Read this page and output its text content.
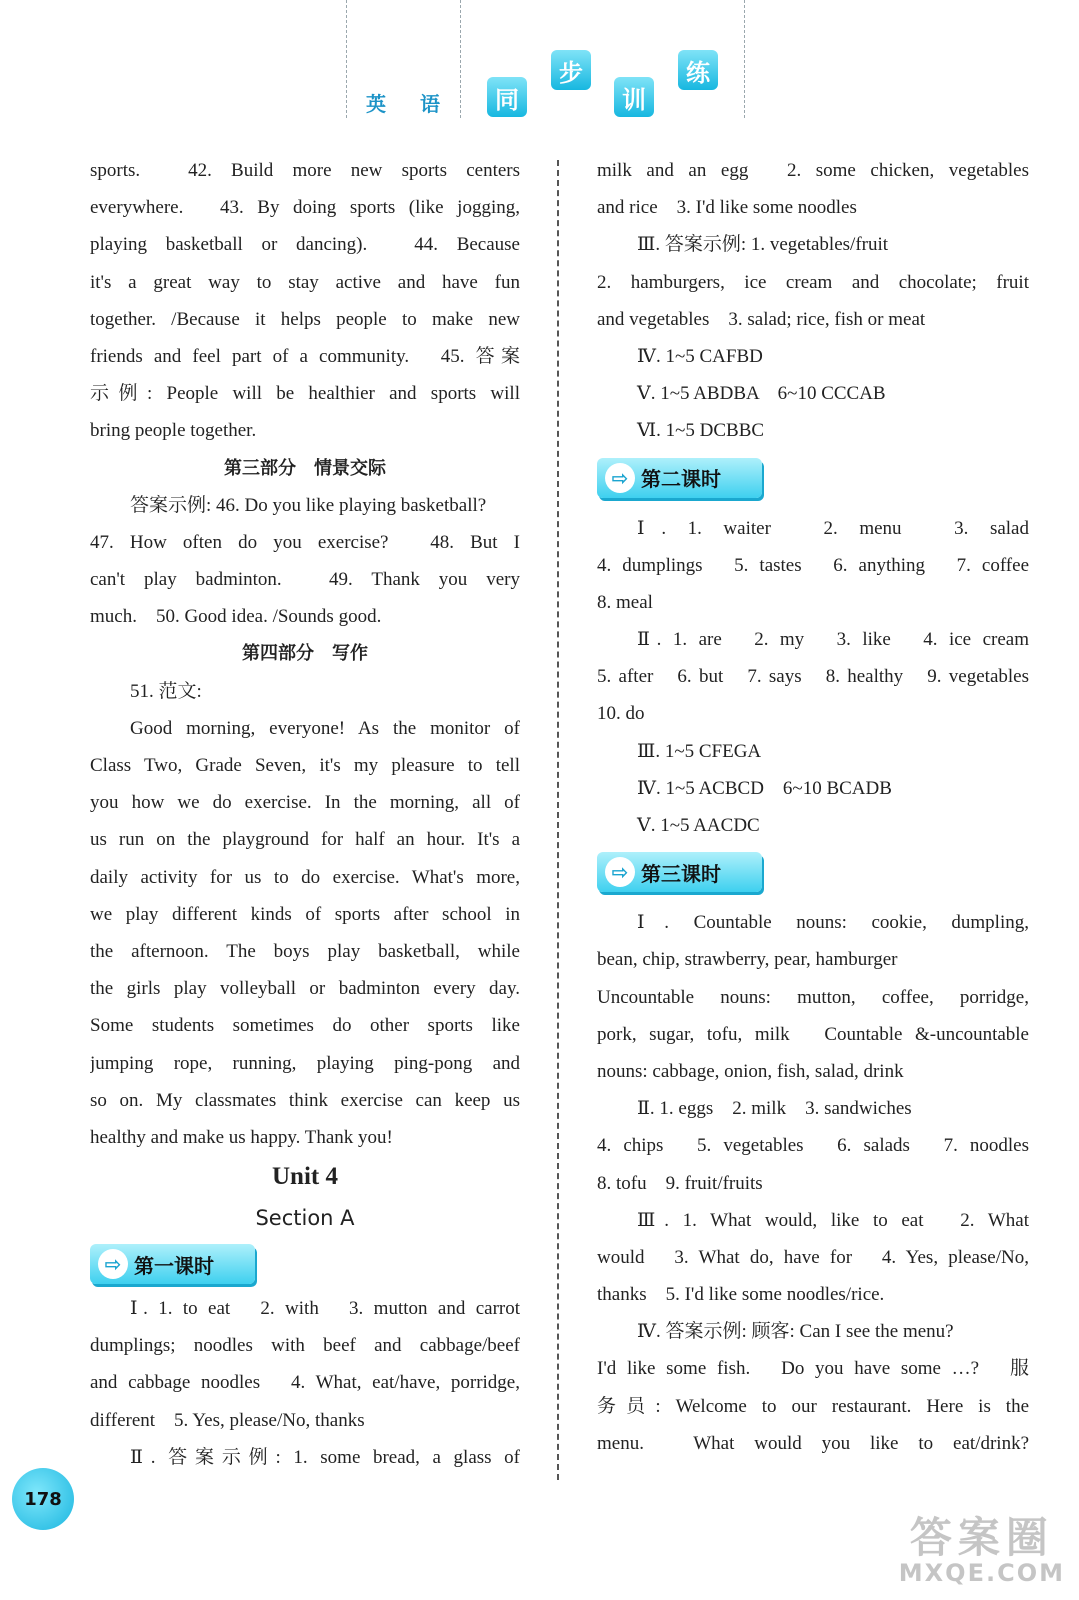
英 语	同
步
训
练
sports.　42. Build more new sports centers
everywhere.　43. By doing sports (like jogging,
playing basketball or dancing).　44. Because
it's a great way to stay active and have fun
together. /Because it helps people to make new
friends and feel part of a community.　45. 答案
示例: People will be healthier and sports will
bring people together.
第三部分　情景交际
答案示例: 46. Do you like playing basketball?
47. How often do you exercise?　48. But I
can't play badminton.　49. Thank you very
much.　50. Good idea. /Sounds good.
第四部分　写作
51. 范文:
Good morning, everyone! As the monitor of
Class Two, Grade Seven, it's my pleasure to tell
you how we do exercise. In the morning, all of
us run on the playground for half an hour. It's a
daily activity for us to do exercise. What's more,
we play different kinds of sports after school in
the afternoon. The boys play basketball, while
the girls play volleyball or badminton every day.
Some students sometimes do other sports like
jumping rope, running, playing ping-pong and
so on. My classmates think exercise can keep us
healthy and make us happy. Thank you!
Unit 4
Section A
⇨ 第一课时
Ⅰ. 1. to eat　2. with　3. mutton and carrot
dumplings; noodles with beef and cabbage/beef
and cabbage noodles　4. What, eat/have, porridge,
different　5. Yes, please/No, thanks
Ⅱ. 答案示例: 1. some bread, a glass of
milk and an egg　2. some chicken, vegetables
and rice　3. I'd like some noodles
Ⅲ. 答案示例: 1. vegetables/fruit
2. hamburgers, ice cream and chocolate; fruit
and vegetables　3. salad; rice, fish or meat
Ⅳ. 1~5 CAFBD
Ⅴ. 1~5 ABDBA　6~10 CCCAB
Ⅵ. 1~5 DCBBC
⇨ 第二课时
Ⅰ. 1. waiter　2. menu　3. salad
4. dumplings　5. tastes　6. anything　7. coffee
8. meal
Ⅱ. 1. are　2. my　3. like　4. ice cream
5. after　6. but　7. says　8. healthy　9. vegetables
10. do
Ⅲ. 1~5 CFEGA
Ⅳ. 1~5 ACBCD　6~10 BCADB
Ⅴ. 1~5 AACDC
⇨ 第三课时
Ⅰ. Countable nouns: cookie, dumpling,
bean, chip, strawberry, pear, hamburger
Uncountable nouns: mutton, coffee, porridge,
pork, sugar, tofu, milk　Countable &-uncountable
nouns: cabbage, onion, fish, salad, drink
Ⅱ. 1. eggs　2. milk　3. sandwiches
4. chips　5. vegetables　6. salads　7. noodles
8. tofu　9. fruit/fruits
Ⅲ. 1. What would, like to eat　2. What
would　3. What do, have for　4. Yes, please/No,
thanks　5. I'd like some noodles/rice.
Ⅳ. 答案示例: 顾客: Can I see the menu?
I'd like some fish.　Do you have some …?　服
务员: Welcome to our restaurant. Here is the
menu.　What would you like to eat/drink?
178
答案圈
MXQE.COM
